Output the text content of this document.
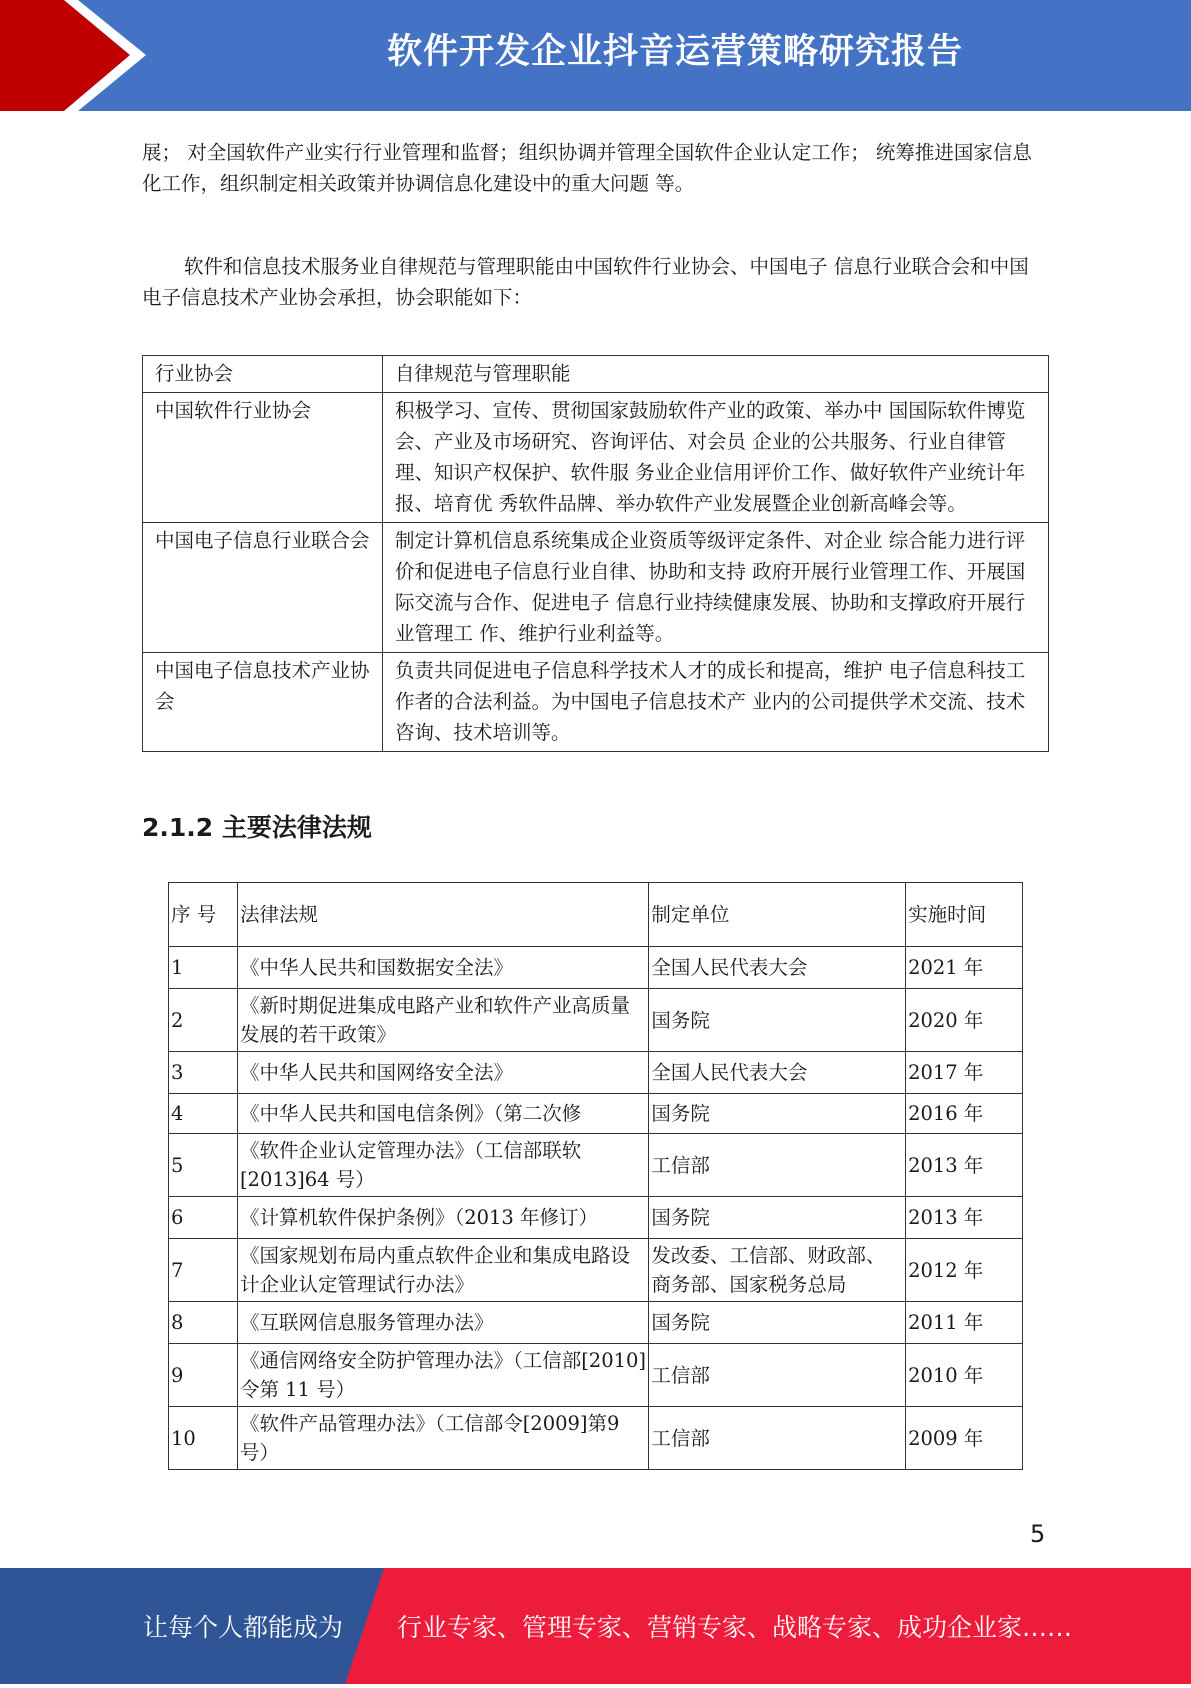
软件开发企业抖音运营策略研究报告

展； 对全国软件产业实行行业管理和监督；组织协调并管理全国软件企业认定工作； 统筹推进国家信息化工作，组织制定相关政策并协调信息化建设中的重大问题 等。

软件和信息技术服务业自律规范与管理职能由中国软件行业协会、中国电子 信息行业联合会和中国电子信息技术产业协会承担，协会职能如下：

行业协会	自律规范与管理职能
中国软件行业协会	积极学习、宣传、贯彻国家鼓励软件产业的政策、举办中 国国际软件博览会、产业及市场研究、咨询评估、对会员 企业的公共服务、行业自律管理、知识产权保护、软件服 务业企业信用评价工作、做好软件产业统计年报、培育优 秀软件品牌、举办软件产业发展暨企业创新高峰会等。
中国电子信息行业联合会	制定计算机信息系统集成企业资质等级评定条件、对企业 综合能力进行评价和促进电子信息行业自律、协助和支持 政府开展行业管理工作、开展国际交流与合作、促进电子 信息行业持续健康发展、协助和支撑政府开展行业管理工 作、维护行业利益等。
中国电子信息技术产业协会	负责共同促进电子信息科学技术人才的成长和提高，维护 电子信息科技工作者的合法利益。为中国电子信息技术产 业内的公司提供学术交流、技术咨询、技术培训等。
2.1.2 主要法律法规
序 号	法律法规	制定单位	实施时间
1	《中华人民共和国数据安全法》	全国人民代表大会	2021 年
2	《新时期促进集成电路产业和软件产业高质量发展的若干政策》	国务院	2020 年
3	《中华人民共和国网络安全法》	全国人民代表大会	2017 年
4	《中华人民共和国电信条例》（第二次修	国务院	2016 年
5	《软件企业认定管理办法》（工信部联软[2013]64 号）	工信部	2013 年
6	《计算机软件保护条例》（2013 年修订）	国务院	2013 年
7	《国家规划布局内重点软件企业和集成电路设计企业认定管理试行办法》	发改委、工信部、财政部、商务部、国家税务总局	2012 年
8	《互联网信息服务管理办法》	国务院	2011 年
9	《通信网络安全防护管理办法》（工信部[2010]令第 11 号）	工信部	2010 年
10	《软件产品管理办法》（工信部令[2009]第9 号）	工信部	2009 年
5
让每个人都能成为 行业专家、管理专家、营销专家、战略专家、成功企业家……
